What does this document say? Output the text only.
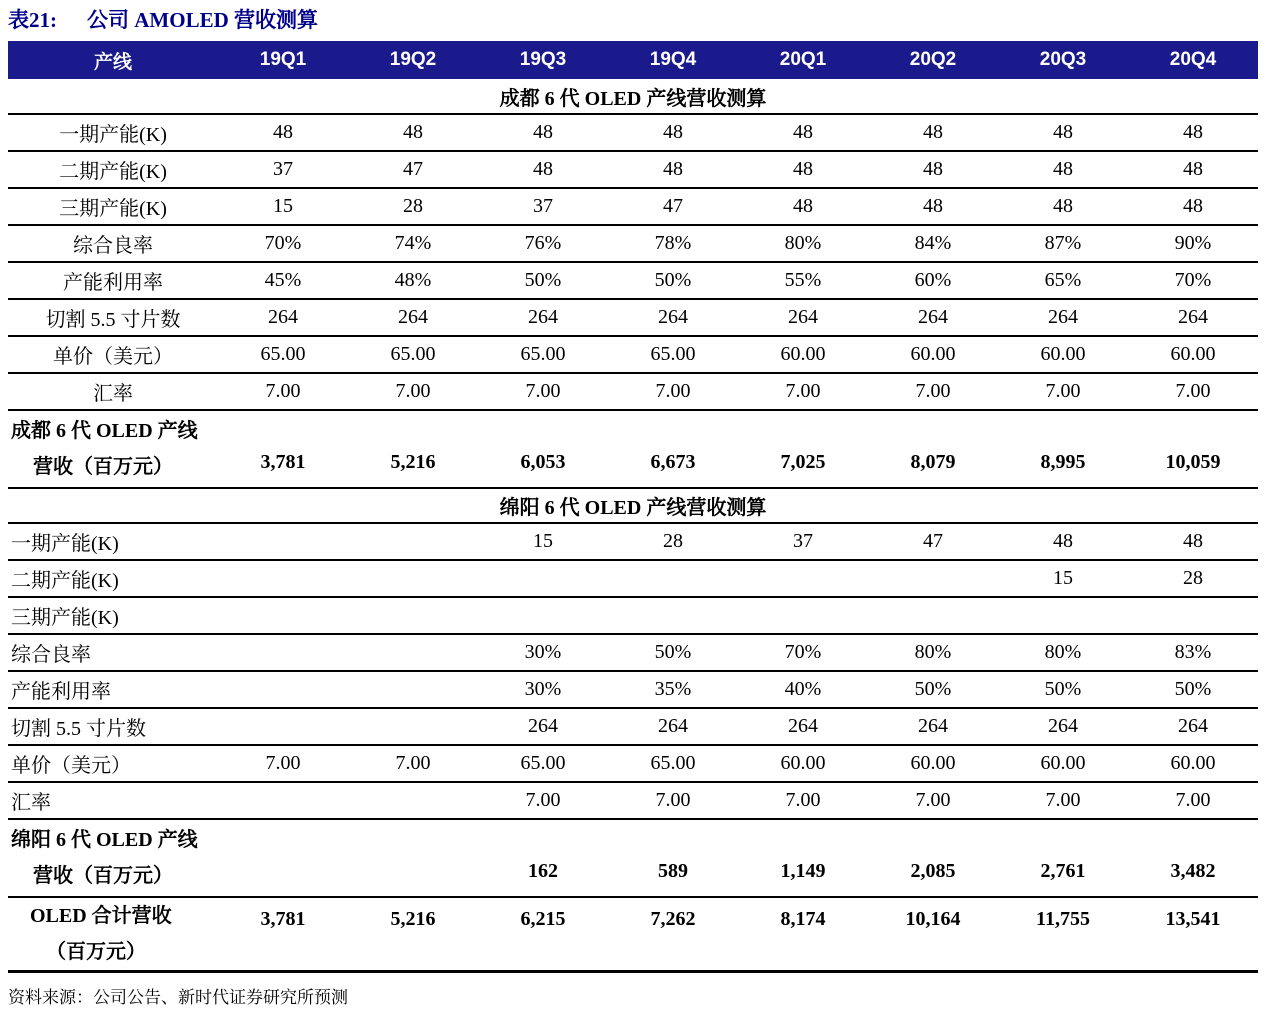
表21: 公司 AMOLED 营收测算
产线	19Q1	19Q2	19Q3	19Q4	20Q1	20Q2	20Q3	20Q4
成都 6 代 OLED 产线营收测算								
一期产能(K)	48	48	48	48	48	48	48	48
二期产能(K)	37	47	48	48	48	48	48	48
三期产能(K)	15	28	37	47	48	48	48	48
综合良率	70%	74%	76%	78%	80%	84%	87%	90%
产能利用率	45%	48%	50%	50%	55%	60%	65%	70%
切割 5.5 寸片数	264	264	264	264	264	264	264	264
单价（美元）	65.00	65.00	65.00	65.00	60.00	60.00	60.00	60.00
汇率	7.00	7.00	7.00	7.00	7.00	7.00	7.00	7.00

成都 6 代 OLED 产线
营收（百万元）	3,781	5,216	6,053	6,673	7,025	8,079	8,995	10,059
绵阳 6 代 OLED 产线营收测算								
一期产能(K)			15	28	37	47	48	48
二期产能(K)							15	28
三期产能(K)								
综合良率			30%	50%	70%	80%	80%	83%
产能利用率			30%	35%	40%	50%	50%	50%
切割 5.5 寸片数			264	264	264	264	264	264
单价（美元）	7.00	7.00	65.00	65.00	60.00	60.00	60.00	60.00
汇率			7.00	7.00	7.00	7.00	7.00	7.00

绵阳 6 代 OLED 产线
营收（百万元）			162	589	1,149	2,085	2,761	3,482

OLED 合计营收
（百万元）	3,781	5,216	6,215	7,262	8,174	10,164	11,755	13,541
资料来源：公司公告、新时代证券研究所预测
